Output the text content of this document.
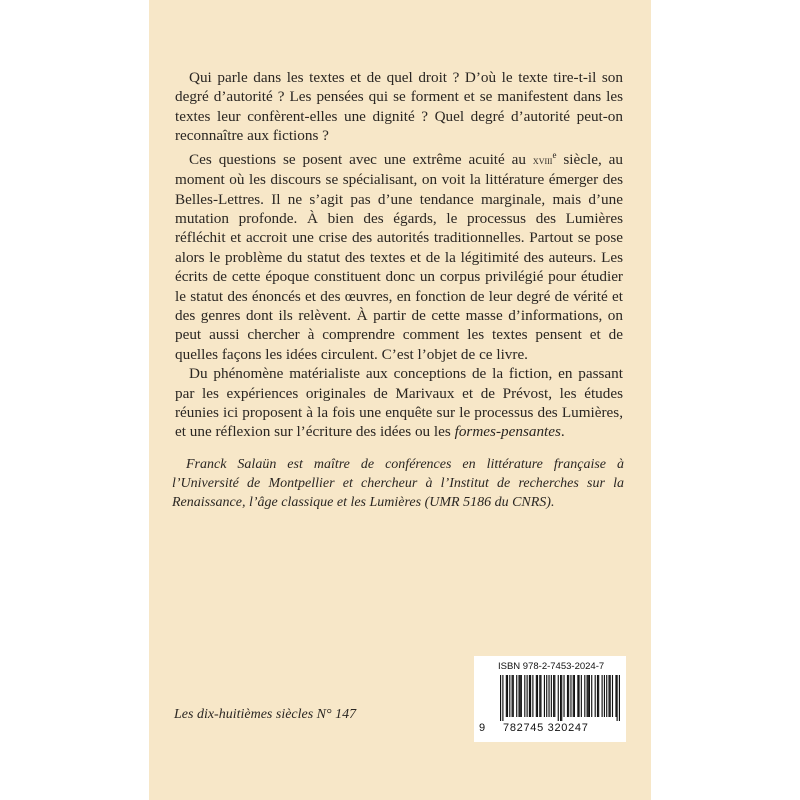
Qui parle dans les textes et de quel droit ? D’où le texte tire-t-il son degré d’autorité ? Les pensées qui se forment et se manifestent dans les textes leur confèrent-elles une dignité ? Quel degré d’autorité peut-on reconnaître aux fictions ?

Ces questions se posent avec une extrême acuité au xviii$^e$ siècle, au moment où les discours se spécialisant, on voit la littérature émerger des Belles-Lettres. Il ne s’agit pas d’une tendance marginale, mais d’une mutation profonde. À bien des égards, le processus des Lumières réfléchit et accroit une crise des autorités traditionnelles. Partout se pose alors le problème du statut des textes et de la légitimité des auteurs. Les écrits de cette époque constituent donc un corpus privilégié pour étudier le statut des énoncés et des œuvres, en fonction de leur degré de vérité et des genres dont ils relèvent. À partir de cette masse d’informations, on peut aussi chercher à comprendre comment les textes pensent et de quelles façons les idées circulent. C’est l’objet de ce livre.

Du phénomène matérialiste aux conceptions de la fiction, en passant par les expériences originales de Marivaux et de Prévost, les études réunies ici proposent à la fois une enquête sur le processus des Lumières, et une réflexion sur l’écriture des idées ou les formes-pensantes.

Franck Salaün est maître de conférences en littérature française à l’Université de Montpellier et chercheur à l’Institut de recherches sur la Renaissance, l’âge classique et les Lumières (UMR 5186 du CNRS).

Les dix-huitièmes siècles N° 147
ISBN 978-2-7453-2024-7
9 782745 320247
